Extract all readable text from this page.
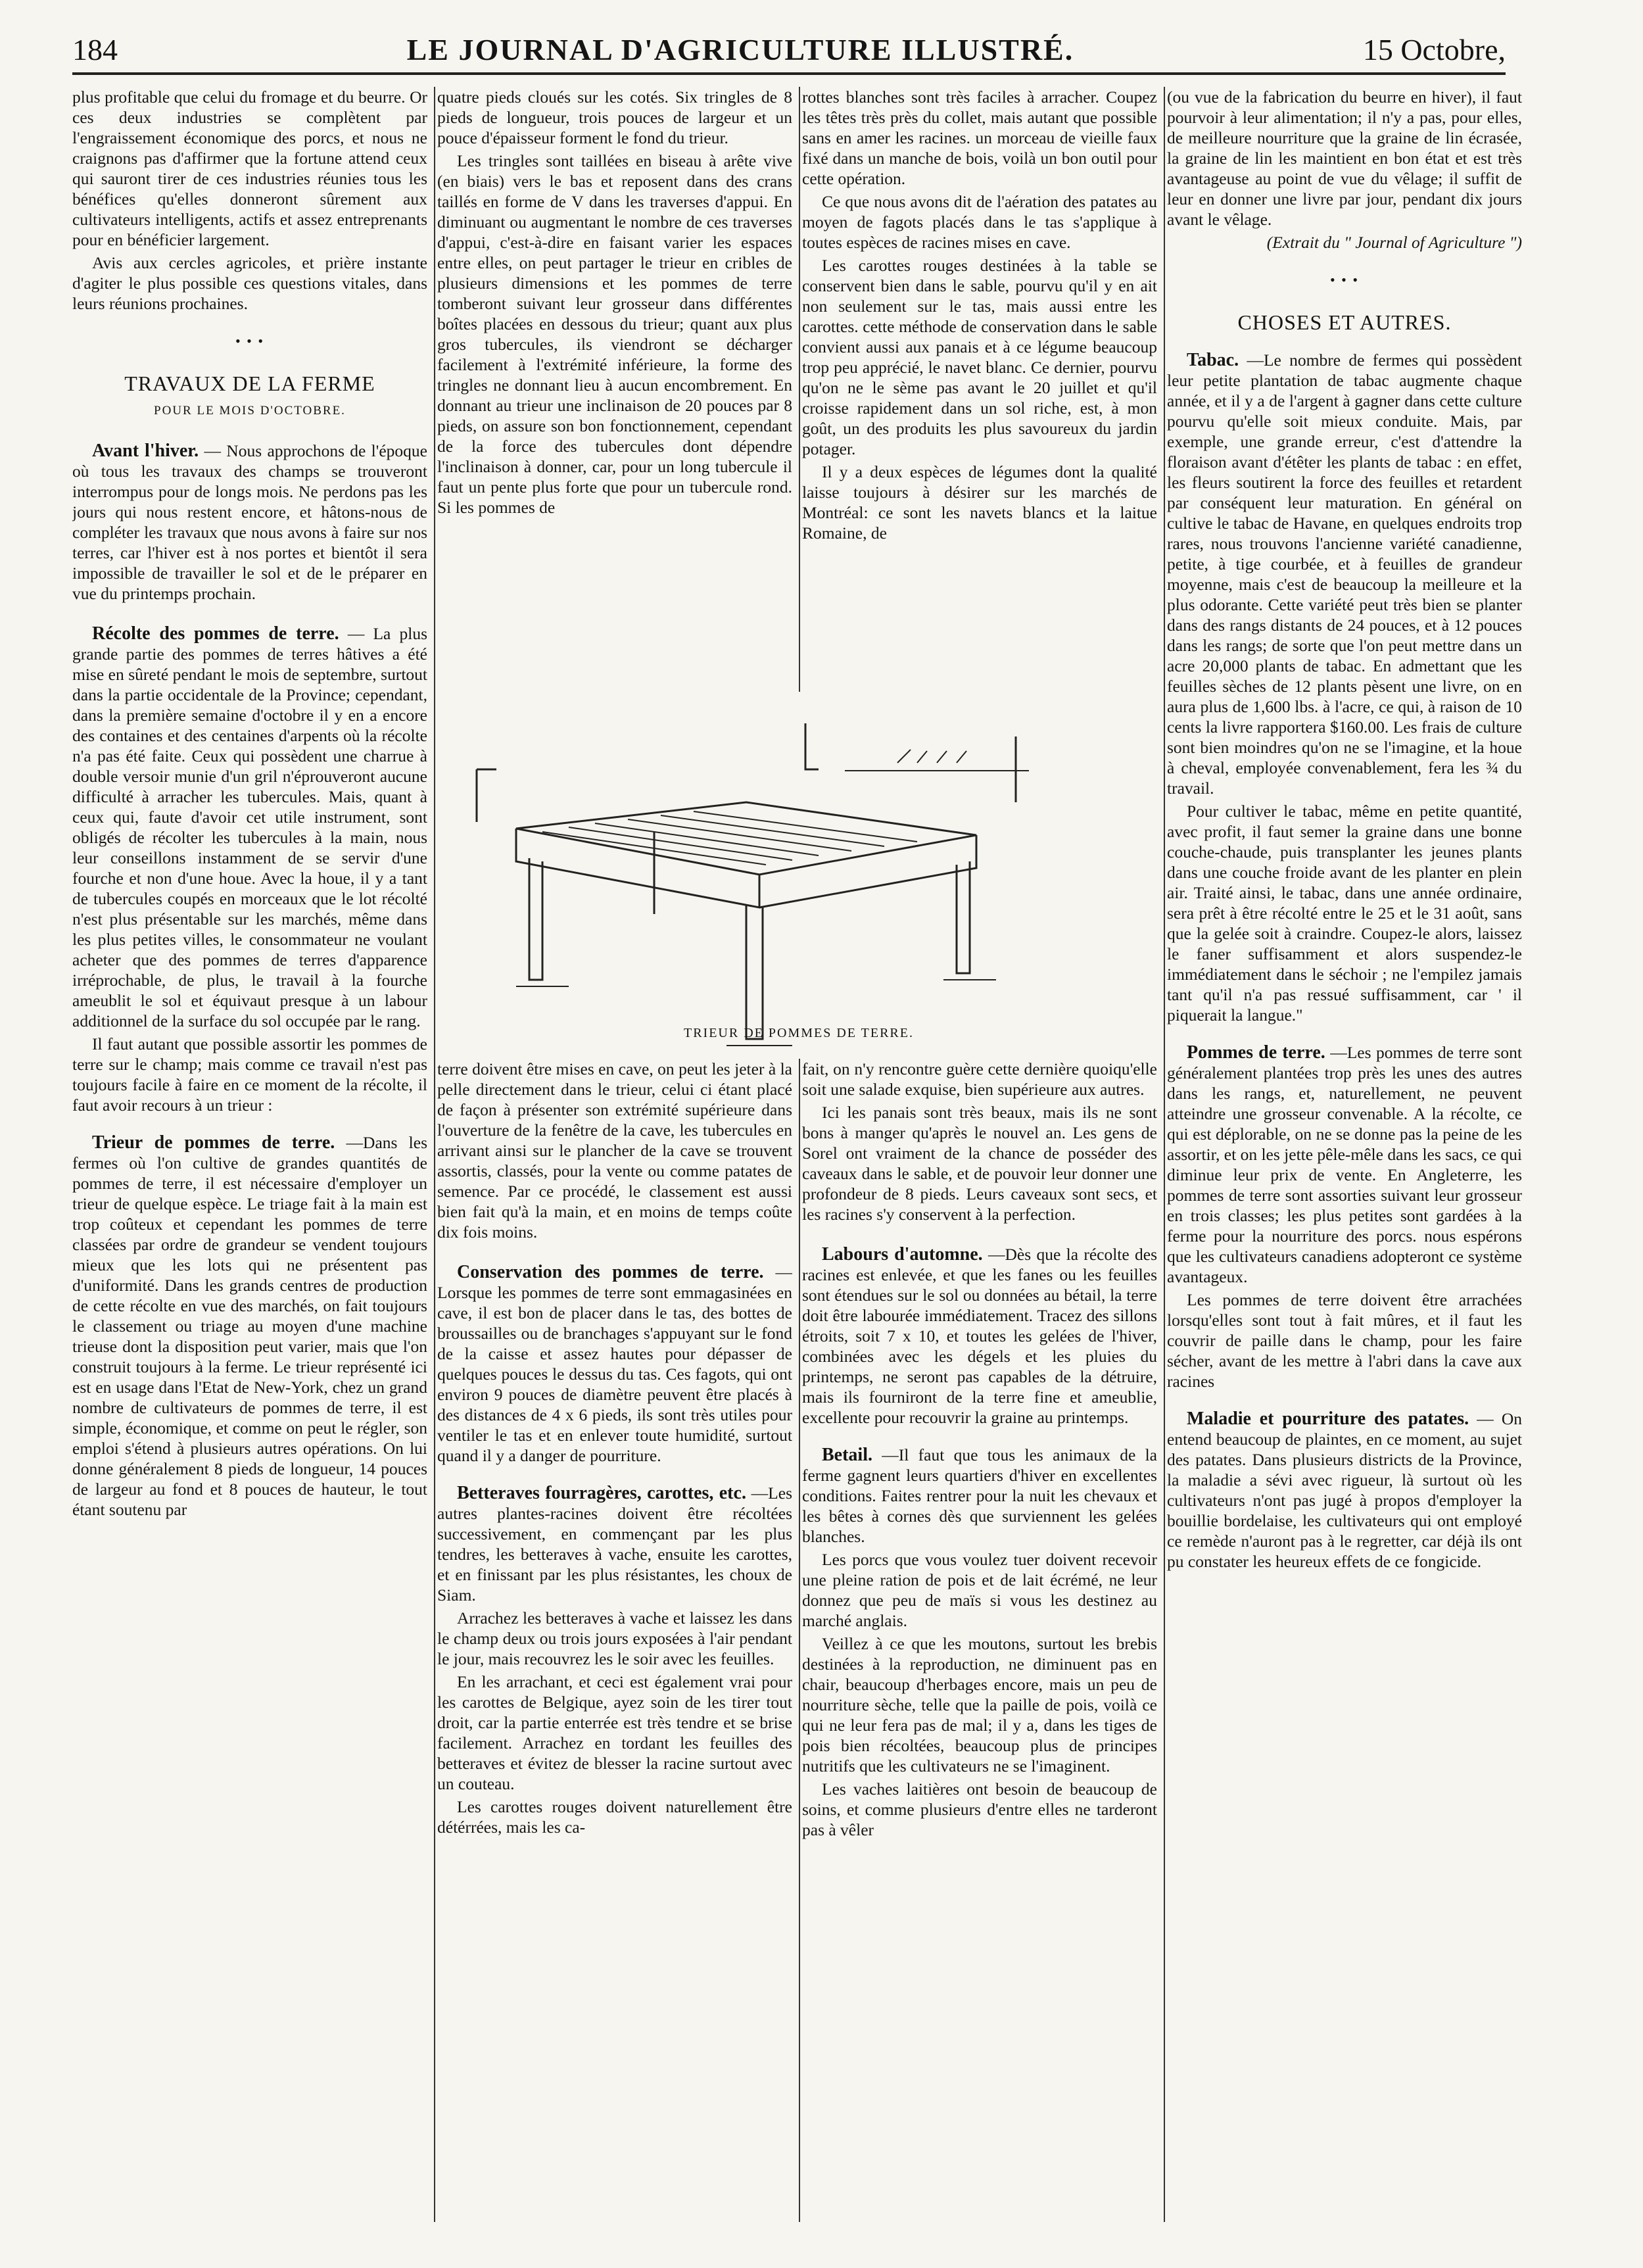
184	LE JOURNAL D'AGRICULTURE ILLUSTRÉ.	15 Octobre,

plus profitable que celui du fromage et du beurre. Or ces deux industries se complètent par l'engraissement économique des porcs, et nous ne craignons pas d'affirmer que la fortune attend ceux qui sauront tirer de ces industries réunies tous les bénéfices qu'elles donneront sûrement aux cultivateurs intelligents, actifs et assez entreprenants pour en bénéficier largement.

Avis aux cercles agricoles, et prière instante d'agiter le plus possible ces questions vitales, dans leurs réunions prochaines.

• • •
TRAVAUX DE LA FERME
POUR LE MOIS D'OCTOBRE.

Avant l'hiver. — Nous approchons de l'époque où tous les travaux des champs se trouveront interrompus pour de longs mois. Ne perdons pas les jours qui nous restent encore, et hâtons-nous de compléter les travaux que nous avons à faire sur nos terres, car l'hiver est à nos portes et bientôt il sera impossible de travailler le sol et de le préparer en vue du printemps prochain.

Récolte des pommes de terre. — La plus grande partie des pommes de terres hâtives a été mise en sûreté pendant le mois de septembre, surtout dans la partie occidentale de la Province; cependant, dans la première semaine d'octobre il y en a encore des containes et des centaines d'arpents où la récolte n'a pas été faite. Ceux qui possèdent une charrue à double versoir munie d'un gril n'éprouveront aucune difficulté à arracher les tubercules. Mais, quant à ceux qui, faute d'avoir cet utile instrument, sont obligés de récolter les tubercules à la main, nous leur conseillons instamment de se servir d'une fourche et non d'une houe. Avec la houe, il y a tant de tubercules coupés en morceaux que le lot récolté n'est plus présentable sur les marchés, même dans les plus petites villes, le consommateur ne voulant acheter que des pommes de terres d'apparence irréprochable, de plus, le travail à la fourche ameublit le sol et équivaut presque à un labour additionnel de la surface du sol occupée par le rang.

Il faut autant que possible assortir les pommes de terre sur le champ; mais comme ce travail n'est pas toujours facile à faire en ce moment de la récolte, il faut avoir recours à un trieur :

Trieur de pommes de terre. —Dans les fermes où l'on cultive de grandes quantités de pommes de terre, il est nécessaire d'employer un trieur de quelque espèce. Le triage fait à la main est trop coûteux et cependant les pommes de terre classées par ordre de grandeur se vendent toujours mieux que les lots qui ne présentent pas d'uniformité. Dans les grands centres de production de cette récolte en vue des marchés, on fait toujours le classement ou triage au moyen d'une machine trieuse dont la disposition peut varier, mais que l'on construit toujours à la ferme. Le trieur représenté ici est en usage dans l'Etat de New-York, chez un grand nombre de cultivateurs de pommes de terre, il est simple, économique, et comme on peut le régler, son emploi s'étend à plusieurs autres opérations. On lui donne généralement 8 pieds de longueur, 14 pouces de largeur au fond et 8 pouces de hauteur, le tout étant soutenu par

quatre pieds cloués sur les cotés. Six tringles de 8 pieds de longueur, trois pouces de largeur et un pouce d'épaisseur forment le fond du trieur.

Les tringles sont taillées en biseau à arête vive (en biais) vers le bas et reposent dans des crans taillés en forme de V dans les traverses d'appui. En diminuant ou augmentant le nombre de ces traverses d'appui, c'est-à-dire en faisant varier les espaces entre elles, on peut partager le trieur en cribles de plusieurs dimensions et les pommes de terre tomberont suivant leur grosseur dans différentes boîtes placées en dessous du trieur; quant aux plus gros tubercules, ils viendront se décharger facilement à l'extrémité inférieure, la forme des tringles ne donnant lieu à aucun encombrement. En donnant au trieur une inclinaison de 20 pouces par 8 pieds, on assure son bon fonctionnement, cependant de la force des tubercules dont dépendre l'inclinaison à donner, car, pour un long tubercule il faut un pente plus forte que pour un tubercule rond. Si les pommes de

rottes blanches sont très faciles à arracher. Coupez les têtes très près du collet, mais autant que possible sans en amer les racines. un morceau de vieille faux fixé dans un manche de bois, voilà un bon outil pour cette opération.

Ce que nous avons dit de l'aération des patates au moyen de fagots placés dans le tas s'applique à toutes espèces de racines mises en cave.

Les carottes rouges destinées à la table se conservent bien dans le sable, pourvu qu'il y en ait non seulement sur le tas, mais aussi entre les carottes. cette méthode de conservation dans le sable convient aussi aux panais et à ce légume beaucoup trop peu apprécié, le navet blanc. Ce dernier, pourvu qu'on ne le sème pas avant le 20 juillet et qu'il croisse rapidement dans un sol riche, est, à mon goût, un des produits les plus savoureux du jardin potager.

Il y a deux espèces de légumes dont la qualité laisse toujours à désirer sur les marchés de Montréal: ce sont les navets blancs et la laitue Romaine, de

TRIEUR DE POMMES DE TERRE.

terre doivent être mises en cave, on peut les jeter à la pelle directement dans le trieur, celui ci étant placé de façon à présenter son extrémité supérieure dans l'ouverture de la fenêtre de la cave, les tubercules en arrivant ainsi sur le plancher de la cave se trouvent assortis, classés, pour la vente ou comme patates de semence. Par ce procédé, le classement est aussi bien fait qu'à la main, et en moins de temps coûte dix fois moins.

Conservation des pommes de terre. —Lorsque les pommes de terre sont emmagasinées en cave, il est bon de placer dans le tas, des bottes de broussailles ou de branchages s'appuyant sur le fond de la caisse et assez hautes pour dépasser de quelques pouces le dessus du tas. Ces fagots, qui ont environ 9 pouces de diamètre peuvent être placés à des distances de 4 x 6 pieds, ils sont très utiles pour ventiler le tas et en enlever toute humidité, surtout quand il y a danger de pourriture.

Betteraves fourragères, carottes, etc. —Les autres plantes-racines doivent être récoltées successivement, en commençant par les plus tendres, les betteraves à vache, ensuite les carottes, et en finissant par les plus résistantes, les choux de Siam.

Arrachez les betteraves à vache et laissez les dans le champ deux ou trois jours exposées à l'air pendant le jour, mais recouvrez les le soir avec les feuilles.

En les arrachant, et ceci est également vrai pour les carottes de Belgique, ayez soin de les tirer tout droit, car la partie enterrée est très tendre et se brise facilement. Arrachez en tordant les feuilles des betteraves et évitez de blesser la racine surtout avec un couteau.

Les carottes rouges doivent naturellement être détérrées, mais les ca-

fait, on n'y rencontre guère cette dernière quoiqu'elle soit une salade exquise, bien supérieure aux autres.

Ici les panais sont très beaux, mais ils ne sont bons à manger qu'après le nouvel an. Les gens de Sorel ont vraiment de la chance de posséder des caveaux dans le sable, et de pouvoir leur donner une profondeur de 8 pieds. Leurs caveaux sont secs, et les racines s'y conservent à la perfection.

Labours d'automne. —Dès que la récolte des racines est enlevée, et que les fanes ou les feuilles sont étendues sur le sol ou données au bétail, la terre doit être labourée immédiatement. Tracez des sillons étroits, soit 7 x 10, et toutes les gelées de l'hiver, combinées avec les dégels et les pluies du printemps, ne seront pas capables de la détruire, mais ils fourniront de la terre fine et ameublie, excellente pour recouvrir la graine au printemps.

Betail. —Il faut que tous les animaux de la ferme gagnent leurs quartiers d'hiver en excellentes conditions. Faites rentrer pour la nuit les chevaux et les bêtes à cornes dès que surviennent les gelées blanches.

Les porcs que vous voulez tuer doivent recevoir une pleine ration de pois et de lait écrémé, ne leur donnez que peu de maïs si vous les destinez au marché anglais.

Veillez à ce que les moutons, surtout les brebis destinées à la reproduction, ne diminuent pas en chair, beaucoup d'herbages encore, mais un peu de nourriture sèche, telle que la paille de pois, voilà ce qui ne leur fera pas de mal; il y a, dans les tiges de pois bien récoltées, beaucoup plus de principes nutritifs que les cultivateurs ne se l'imaginent.

Les vaches laitières ont besoin de beaucoup de soins, et comme plusieurs d'entre elles ne tarderont pas à vêler

(ou vue de la fabrication du beurre en hiver), il faut pourvoir à leur alimentation; il n'y a pas, pour elles, de meilleure nourriture que la graine de lin écrasée, la graine de lin les maintient en bon état et est très avantageuse au point de vue du vêlage; il suffit de leur en donner une livre par jour, pendant dix jours avant le vêlage.

(Extrait du " Journal of Agriculture ")

• • •
CHOSES ET AUTRES.

Tabac. —Le nombre de fermes qui possèdent leur petite plantation de tabac augmente chaque année, et il y a de l'argent à gagner dans cette culture pourvu qu'elle soit mieux conduite. Mais, par exemple, une grande erreur, c'est d'attendre la floraison avant d'étêter les plants de tabac : en effet, les fleurs soutirent la force des feuilles et retardent par conséquent leur maturation. En général on cultive le tabac de Havane, en quelques endroits trop rares, nous trouvons l'ancienne variété canadienne, petite, à tige courbée, et à feuilles de grandeur moyenne, mais c'est de beaucoup la meilleure et la plus odorante. Cette variété peut très bien se planter dans des rangs distants de 24 pouces, et à 12 pouces dans les rangs; de sorte que l'on peut mettre dans un acre 20,000 plants de tabac. En admettant que les feuilles sèches de 12 plants pèsent une livre, on en aura plus de 1,600 lbs. à l'acre, ce qui, à raison de 10 cents la livre rapportera $160.00. Les frais de culture sont bien moindres qu'on ne se l'imagine, et la houe à cheval, employée convenablement, fera les ¾ du travail.

Pour cultiver le tabac, même en petite quantité, avec profit, il faut semer la graine dans une bonne couche-chaude, puis transplanter les jeunes plants dans une couche froide avant de les planter en plein air. Traité ainsi, le tabac, dans une année ordinaire, sera prêt à être récolté entre le 25 et le 31 août, sans que la gelée soit à craindre. Coupez-le alors, laissez le faner suffisamment et alors suspendez-le immédiatement dans le séchoir ; ne l'empilez jamais tant qu'il n'a pas ressué suffisamment, car ' il piquerait la langue."

Pommes de terre. —Les pommes de terre sont généralement plantées trop près les unes des autres dans les rangs, et, naturellement, ne peuvent atteindre une grosseur convenable. A la récolte, ce qui est déplorable, on ne se donne pas la peine de les assortir, et on les jette pêle-mêle dans les sacs, ce qui diminue leur prix de vente. En Angleterre, les pommes de terre sont assorties suivant leur grosseur en trois classes; les plus petites sont gardées à la ferme pour la nourriture des porcs. nous espérons que les cultivateurs canadiens adopteront ce système avantageux.

Les pommes de terre doivent être arrachées lorsqu'elles sont tout à fait mûres, et il faut les couvrir de paille dans le champ, pour les faire sécher, avant de les mettre à l'abri dans la cave aux racines

Maladie et pourriture des patates. — On entend beaucoup de plaintes, en ce moment, au sujet des patates. Dans plusieurs districts de la Province, la maladie a sévi avec rigueur, là surtout où les cultivateurs n'ont pas jugé à propos d'employer la bouillie bordelaise, les cultivateurs qui ont employé ce remède n'auront pas à le regretter, car déjà ils ont pu constater les heureux effets de ce fongicide.
